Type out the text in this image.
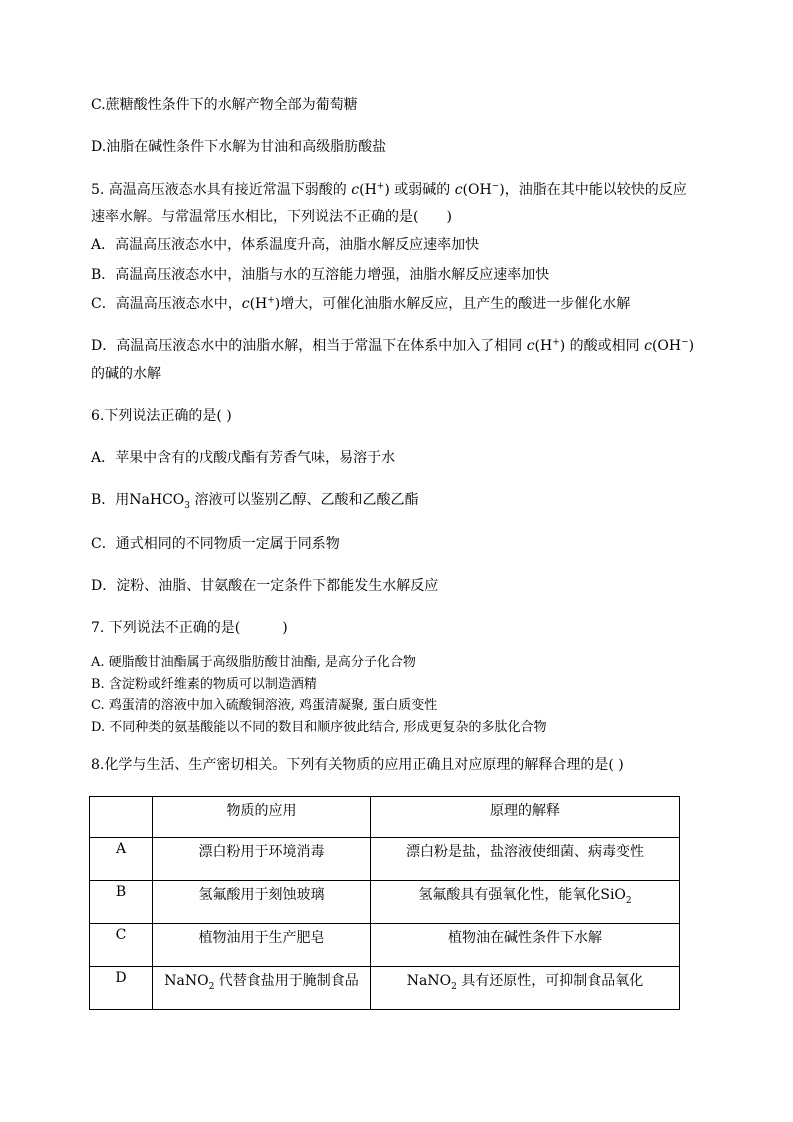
C.蔗糖酸性条件下的水解产物全部为葡萄糖
D.油脂在碱性条件下水解为甘油和高级脂肪酸盐
5. 高温高压液态水具有接近常温下弱酸的 c(H+) 或弱碱的 c(OH−)，油脂在其中能以较快的反应
速率水解。与常温常压水相比，下列说法不正确的是(　　)
A．高温高压液态水中，体系温度升高，油脂水解反应速率加快
B．高温高压液态水中，油脂与水的互溶能力增强，油脂水解反应速率加快
C．高温高压液态水中，c(H+)增大，可催化油脂水解反应，且产生的酸进一步催化水解
D．高温高压液态水中的油脂水解，相当于常温下在体系中加入了相同 c(H+) 的酸或相同 c(OH−)
的碱的水解
6.下列说法正确的是( )
A．苹果中含有的戊酸戊酯有芳香气味，易溶于水
B．用NaHCO$_3$ 溶液可以鉴别乙醇、乙酸和乙酸乙酯
C．通式相同的不同物质一定属于同系物
D．淀粉、油脂、甘氨酸在一定条件下都能发生水解反应
7. 下列说法不正确的是(　　　)
A. 硬脂酸甘油酯属于高级脂肪酸甘油酯, 是高分子化合物
B. 含淀粉或纤维素的物质可以制造酒精
C. 鸡蛋清的溶液中加入硫酸铜溶液, 鸡蛋清凝聚, 蛋白质变性
D. 不同种类的氨基酸能以不同的数目和顺序彼此结合, 形成更复杂的多肽化合物
8.化学与生活、生产密切相关。下列有关物质的应用正确且对应原理的解释合理的是( )
	物质的应用	原理的解释
A	漂白粉用于环境消毒	漂白粉是盐，盐溶液使细菌、病毒变性
B	氢氟酸用于刻蚀玻璃	氢氟酸具有强氧化性，能氧化SiO$_2$
C	植物油用于生产肥皂	植物油在碱性条件下水解
D	NaNO$_2$ 代替食盐用于腌制食品	NaNO$_2$ 具有还原性，可抑制食品氧化
